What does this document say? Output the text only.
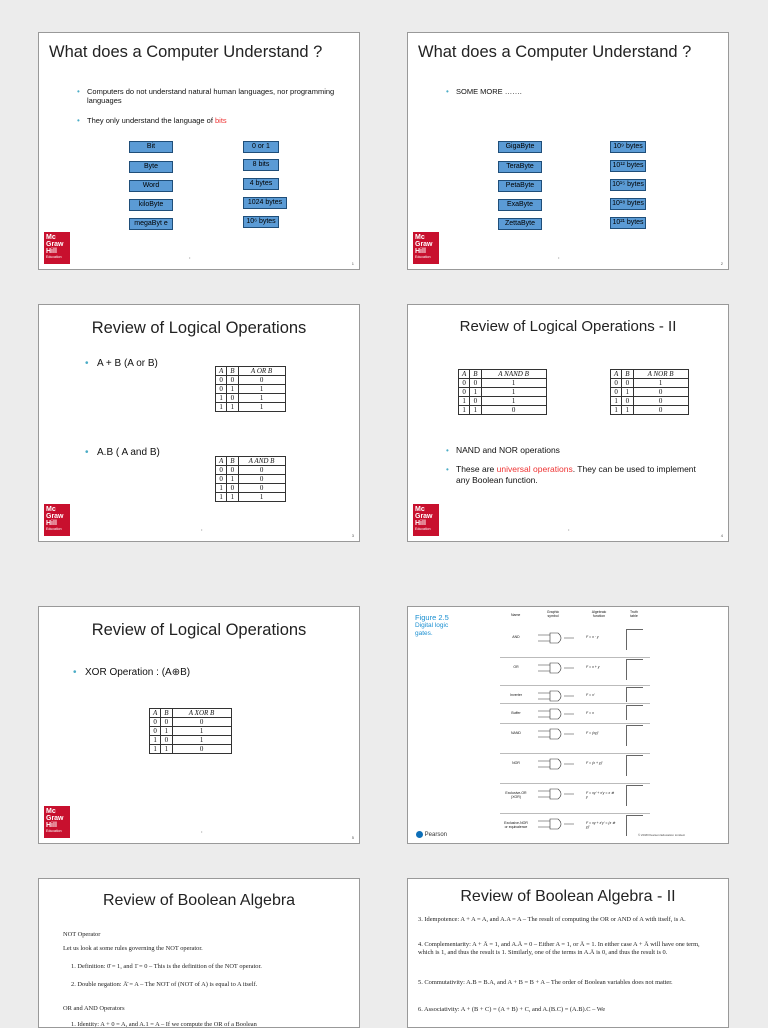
What does a Computer Understand ?
• Computers do not understand natural human languages, nor programming languages
• They only understand the language of bits
Bit
Byte
Word
kiloByte
megaByt e
0 or 1
8 bits
4 bytes
1024 bytes
10⁶ bytes
•
Mc
Graw
Hill
Education
1
What does a Computer Understand ?
• SOME MORE …….
GigaByte
TeraByte
PetaByte
ExaByte
ZettaByte
10⁹ bytes
10¹² bytes
10¹⁵ bytes
10¹⁸ bytes
10²¹ bytes
•
Mc
Graw
Hill
Education
2
Review of Logical Operations
• A + B (A or B)
A	B	A OR B
0	0	0
0	1	1
1	0	1
1	1	1
• A.B ( A and B)
A	B	A AND B
0	0	0
0	1	0
1	0	0
1	1	1
•
Mc
Graw
Hill
Education
3
Review of Logical Operations - II
A	B	A NAND B
0	0	1
0	1	1
1	0	1
1	1	0
A	B	A NOR B
0	0	1
0	1	0
1	0	0
1	1	0
• NAND and NOR operations
• These are universal operations. They can be used to implement any Boolean function.
•
Mc
Graw
Hill
Education
4
Review of Logical Operations
• XOR Operation : (A⊕B)
A	B	A XOR B
0	0	0
0	1	1
1	0	1
1	1	0
•
Mc
Graw
Hill
Education
5
Figure 2.5
Digital logic gates.
Name
Graphic symbol
Algebraic function
Truth table
AND	F = x · y
OR	F = x + y
Inverter	F = x′
Buffer	F = x
NAND	F = (xy)′
NOR	F = (x + y)′
Exclusive-OR (XOR)
F = xy′ + x′y = x ⊕ y
Exclusive-NOR or equivalence
F = xy + x′y′ = (x ⊕ y)′
Pearson	© 2018 Pearson Education Limited.
Review of Boolean Algebra
NOT Operator
Let us look at some rules governing the NOT operator.
1. Definition: 0̄ = 1, and 1̄ = 0 – This is the definition of the NOT operator.
2. Double negation: Ā̄ = A – The NOT of (NOT of A) is equal to A itself.
OR and AND Operators
1. Identity: A + 0 = A, and A.1 = A – If we compute the OR of a Boolean
Review of Boolean Algebra - II
3. Idempotence: A + A = A, and A.A = A – The result of computing the OR or AND of A with itself, is A.
4. Complementarity: A + Ā = 1, and A.Ā = 0 – Either A = 1, or Ā = 1. In either case A + Ā will have one term, which is 1, and thus the result is 1. Similarly, one of the terms in A.Ā is 0, and thus the result is 0.
5. Commutativity: A.B = B.A, and A + B = B + A – The order of Boolean variables does not matter.
6. Associativity: A + (B + C) = (A + B) + C, and A.(B.C) = (A.B).C – We
